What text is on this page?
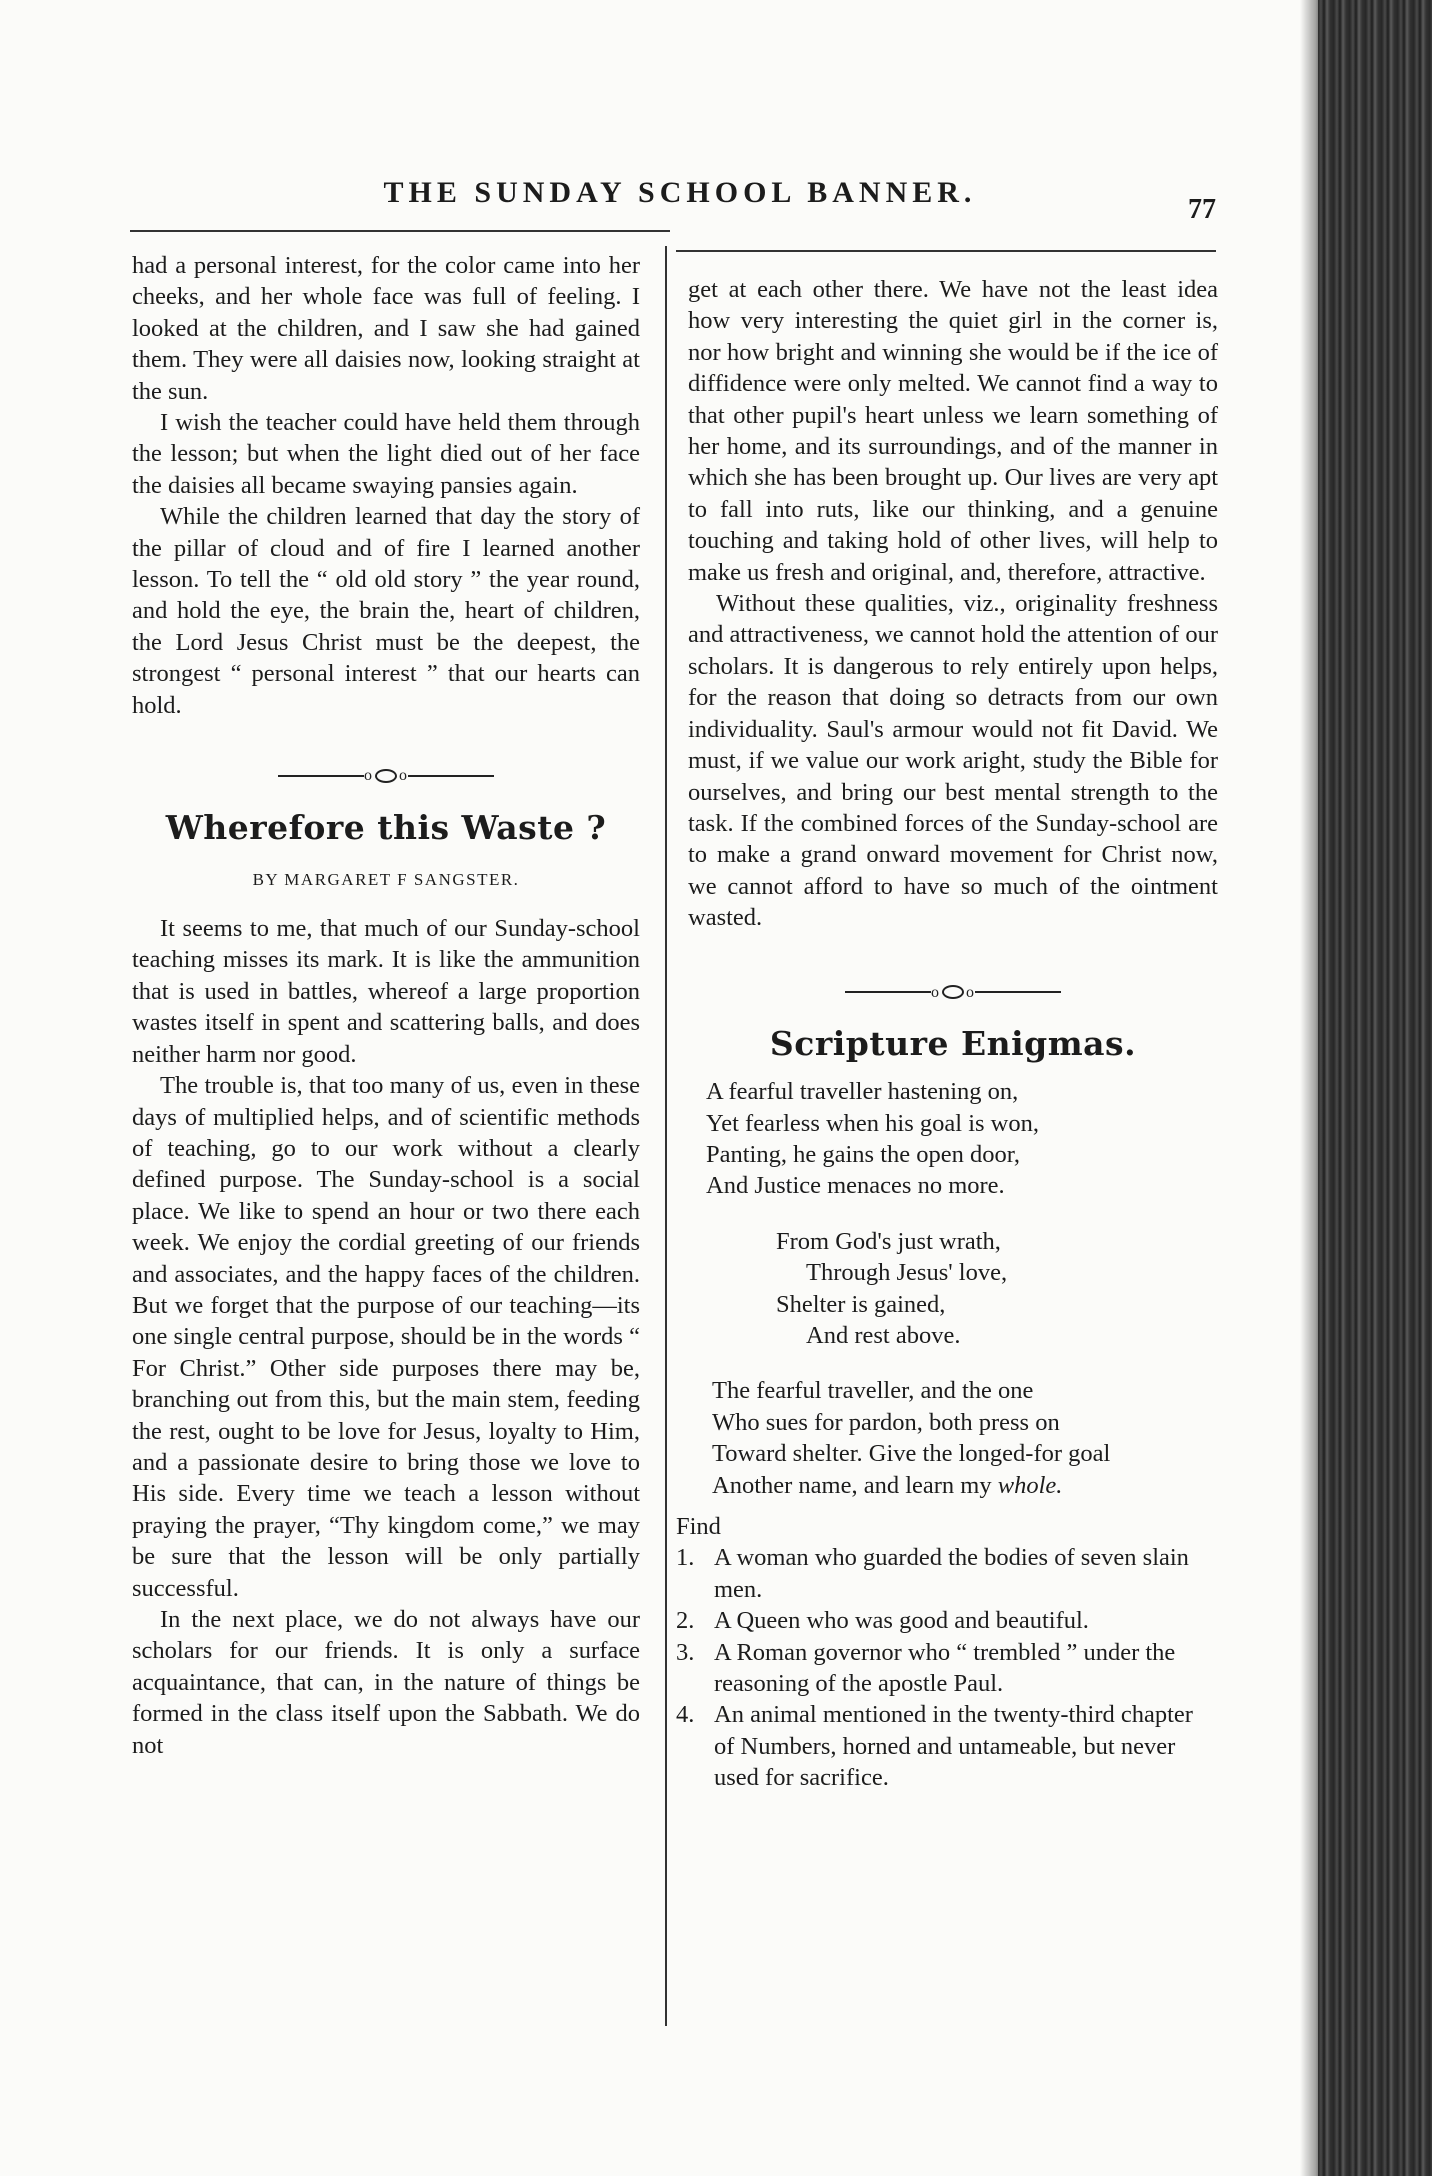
THE SUNDAY SCHOOL BANNER.
77

had a personal interest, for the color came into her cheeks, and her whole face was full of feeling. I looked at the children, and I saw she had gained them. They were all daisies now, looking straight at the sun.

I wish the teacher could have held them through the lesson; but when the light died out of her face the daisies all became swaying pansies again.

While the children learned that day the story of the pillar of cloud and of fire I learned another lesson. To tell the “ old old story ” the year round, and hold the eye, the brain the, heart of children, the Lord Jesus Christ must be the deepest, the strongest “ personal interest ” that our hearts can hold.

o o
Wherefore this Waste ?
BY MARGARET F SANGSTER.

It seems to me, that much of our Sunday-school teaching misses its mark. It is like the ammunition that is used in battles, whereof a large proportion wastes itself in spent and scattering balls, and does neither harm nor good.

The trouble is, that too many of us, even in these days of multiplied helps, and of scientific methods of teaching, go to our work without a clearly defined purpose. The Sunday-school is a social place. We like to spend an hour or two there each week. We enjoy the cordial greeting of our friends and associates, and the happy faces of the children. But we forget that the purpose of our teaching—its one single central purpose, should be in the words “ For Christ.” Other side purposes there may be, branching out from this, but the main stem, feeding the rest, ought to be love for Jesus, loyalty to Him, and a passionate desire to bring those we love to His side. Every time we teach a lesson without praying the prayer, “Thy kingdom come,” we may be sure that the lesson will be only partially successful.

In the next place, we do not always have our scholars for our friends. It is only a surface acquaintance, that can, in the nature of things be formed in the class itself upon the Sabbath. We do not

get at each other there. We have not the least idea how very interesting the quiet girl in the corner is, nor how bright and winning she would be if the ice of diffidence were only melted. We cannot find a way to that other pupil's heart unless we learn something of her home, and its surroundings, and of the manner in which she has been brought up. Our lives are very apt to fall into ruts, like our thinking, and a genuine touching and taking hold of other lives, will help to make us fresh and original, and, therefore, attractive.

Without these qualities, viz., originality freshness and attractiveness, we cannot hold the attention of our scholars. It is dangerous to rely entirely upon helps, for the reason that doing so detracts from our own individuality. Saul's armour would not fit David. We must, if we value our work aright, study the Bible for ourselves, and bring our best mental strength to the task. If the combined forces of the Sunday-school are to make a grand onward movement for Christ now, we cannot afford to have so much of the ointment wasted.

o o
Scripture Enigmas.
A fearful traveller hastening on,
Yet fearless when his goal is won,
Panting, he gains the open door,
And Justice menaces no more.
From God's just wrath,
Through Jesus' love,
Shelter is gained,
And rest above.
The fearful traveller, and the one
Who sues for pardon, both press on
Toward shelter. Give the longed-for goal
Another name, and learn my whole.
Find
1. A woman who guarded the bodies of seven slain men.
2. A Queen who was good and beautiful.
3. A Roman governor who “ trembled ” under the reasoning of the apostle Paul.
4. An animal mentioned in the twenty-third chapter of Numbers, horned and untameable, but never used for sacrifice.
